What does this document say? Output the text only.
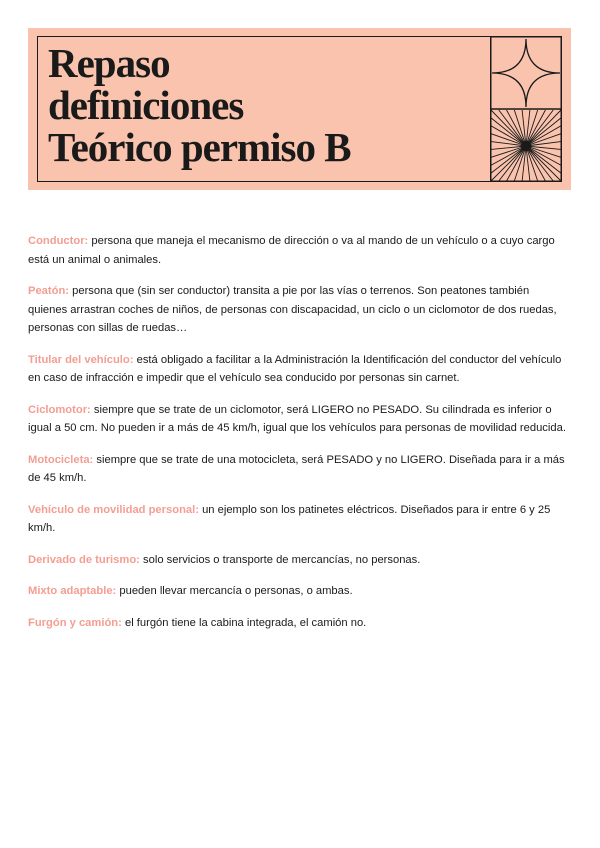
Repaso
definiciones
Teórico permiso B

Conductor: persona que maneja el mecanismo de dirección o va al mando de un vehículo o a cuyo cargo está un animal o animales.

Peatón: persona que (sin ser conductor) transita a pie por las vías o terrenos. Son peatones también quienes arrastran coches de niños, de personas con discapacidad, un ciclo o un ciclomotor de dos ruedas, personas con sillas de ruedas…

Titular del vehículo: está obligado a facilitar a la Administración la Identificación del conductor del vehículo en caso de infracción e impedir que el vehículo sea conducido por personas sin carnet.

Ciclomotor: siempre que se trate de un ciclomotor, será LIGERO no PESADO. Su cilindrada es inferior o igual a 50 cm. No pueden ir a más de 45 km/h, igual que los vehículos para personas de movilidad reducida.

Motocicleta: siempre que se trate de una motocicleta, será PESADO y no LIGERO. Diseñada para ir a más de 45 km/h.

Vehículo de movilidad personal: un ejemplo son los patinetes eléctricos. Diseñados para ir entre 6 y 25 km/h.

Derivado de turismo: solo servicios o transporte de mercancías, no personas.

Mixto adaptable: pueden llevar mercancía o personas, o ambas.

Furgón y camión: el furgón tiene la cabina integrada, el camión no.
